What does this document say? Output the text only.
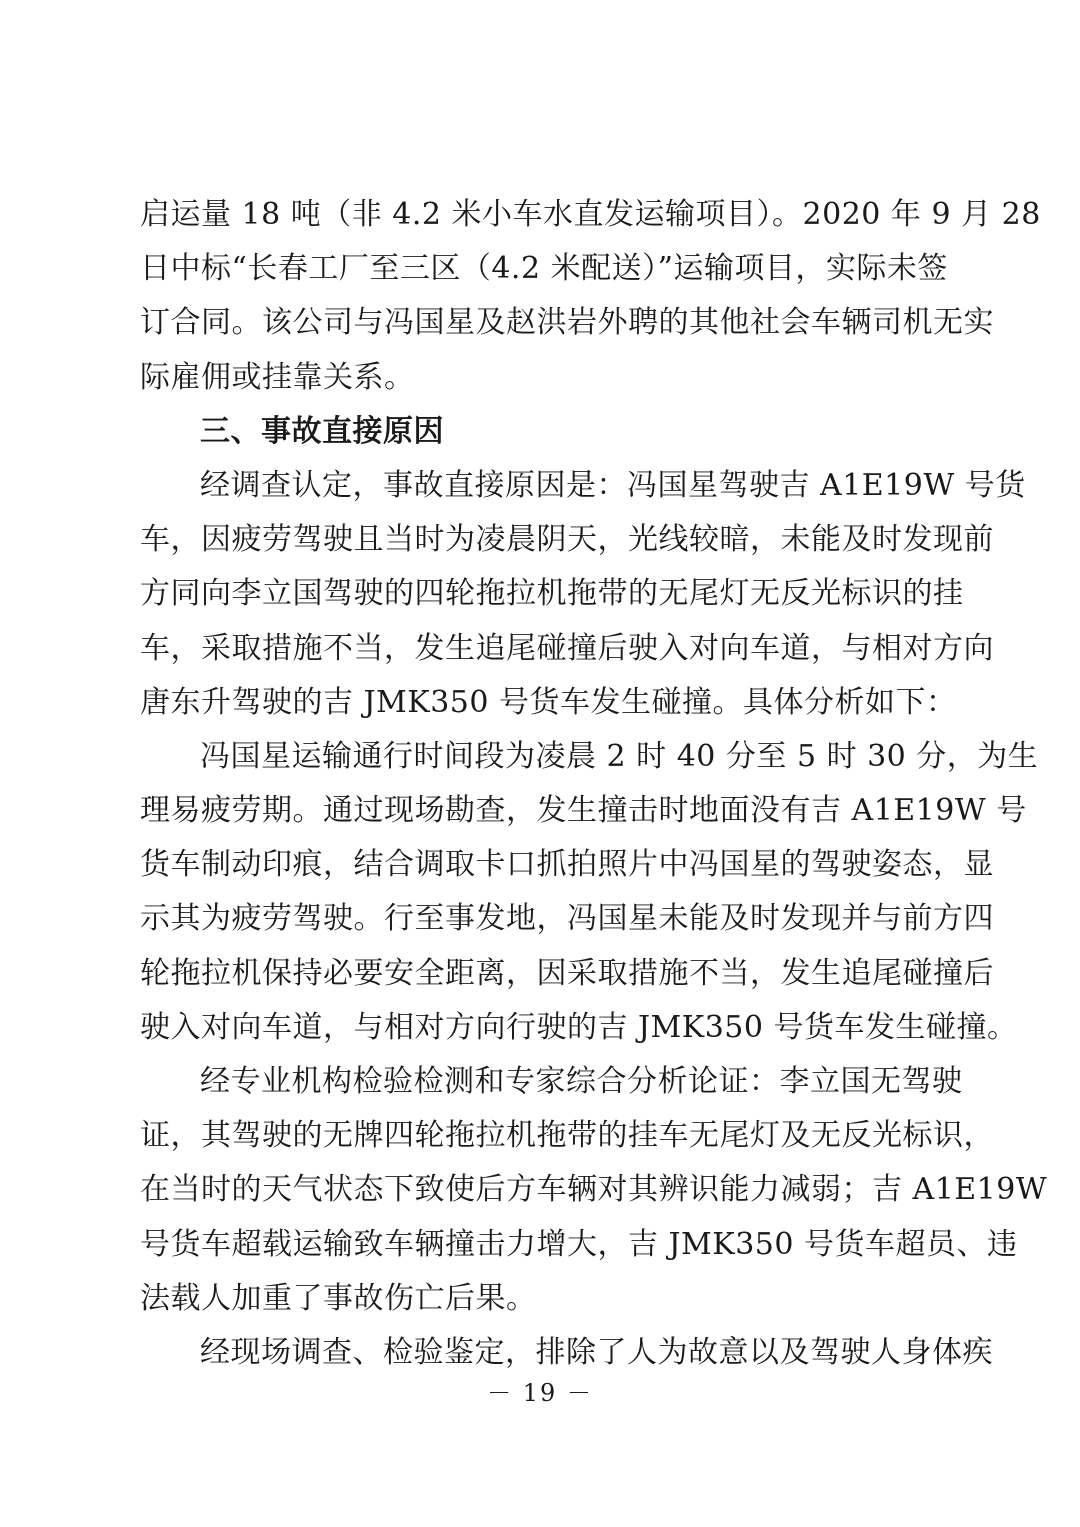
启运量 18 吨（非 4.2 米小车水直发运输项目）。2020 年 9 月 28
日中标“长春工厂至三区（4.2 米配送）”运输项目，实际未签
订合同。该公司与冯国星及赵洪岩外聘的其他社会车辆司机无实
际雇佣或挂靠关系。
三、事故直接原因
经调查认定，事故直接原因是：冯国星驾驶吉 A1E19W 号货
车，因疲劳驾驶且当时为凌晨阴天，光线较暗，未能及时发现前
方同向李立国驾驶的四轮拖拉机拖带的无尾灯无反光标识的挂
车，采取措施不当，发生追尾碰撞后驶入对向车道，与相对方向
唐东升驾驶的吉 JMK350 号货车发生碰撞。具体分析如下：
冯国星运输通行时间段为凌晨 2 时 40 分至 5 时 30 分，为生
理易疲劳期。通过现场勘查，发生撞击时地面没有吉 A1E19W 号
货车制动印痕，结合调取卡口抓拍照片中冯国星的驾驶姿态，显
示其为疲劳驾驶。行至事发地，冯国星未能及时发现并与前方四
轮拖拉机保持必要安全距离，因采取措施不当，发生追尾碰撞后
驶入对向车道，与相对方向行驶的吉 JMK350 号货车发生碰撞。
经专业机构检验检测和专家综合分析论证：李立国无驾驶
证，其驾驶的无牌四轮拖拉机拖带的挂车无尾灯及无反光标识，
在当时的天气状态下致使后方车辆对其辨识能力减弱；吉 A1E19W
号货车超载运输致车辆撞击力增大，吉 JMK350 号货车超员、违
法载人加重了事故伤亡后果。
经现场调查、检验鉴定，排除了人为故意以及驾驶人身体疾
－ 19 －
